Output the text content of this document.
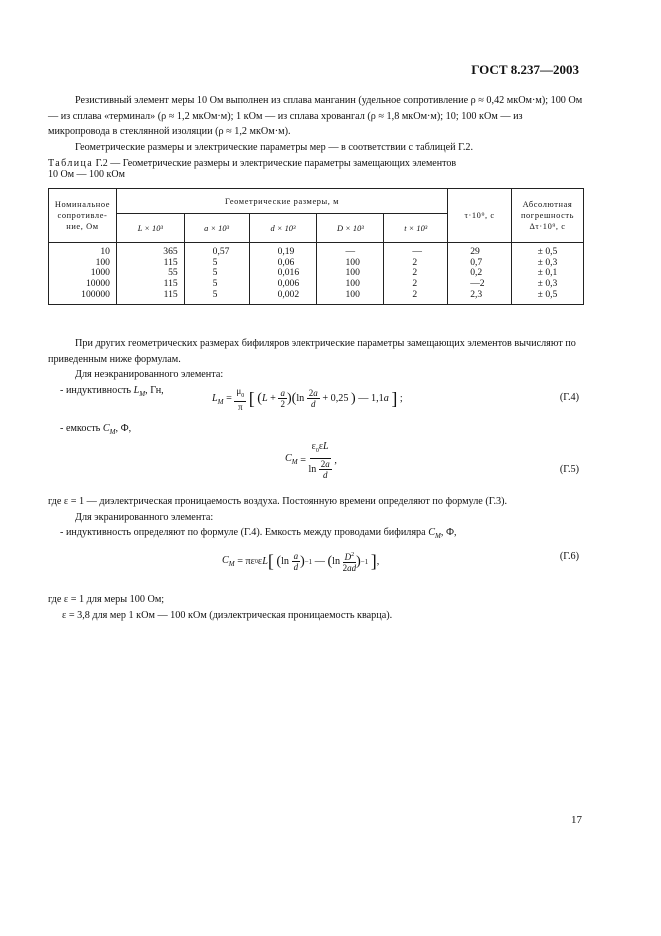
ГОСТ 8.237—2003

Резистивный элемент меры 10 Ом выполнен из сплава манганин (удельное сопротивление ρ ≈ 0,42 мкОм·м); 100 Ом — из сплава «терминал» (ρ ≈ 1,2 мкОм·м); 1 кОм — из сплава хровангал (ρ ≈ 1,8 мкОм·м); 10; 100 кОм — из микропровода в стеклянной изоляции (ρ ≈ 1,2 мкОм·м).

Геометрические размеры и электрические параметры мер — в соответствии с таблицей Г.2.

Таблица Г.2 — Геометрические размеры и электрические параметры замещающих элементов
10 Ом — 100 кОм
Номинальное сопротивле-ние, Ом	Геометрические размеры, м					τ·10⁹, с	Абсолютная погрешность Δτ·10⁹, с
	L × 10³	a × 10³	d × 10³	D × 10³	t × 10³		
10	365	0,57	0,19	—	—	29	± 0,5
100	115	5	0,06	100	2	0,7	± 0,3
1000	55	5	0,016	100	2	0,2	± 0,1
10000	115	5	0,006	100	2	—2	± 0,3
100000	115	5	0,002	100	2	2,3	± 0,5

При других геометрических размерах бифиляров электрические параметры замещающих элементов вычисляют по приведенным ниже формулам.

Для неэкранированного элемента:

- индуктивность $L_M$, Гн,

$L_M = \frac{\mu_0}{\pi}$ [ $(L + \frac{a}{2} )(\ln \frac{2a}{d} + 0,25$ ) — 1,1a ] ;	(Г.4)

- емкость $C_M$, Ф,

$C_M = \frac{\varepsilon_0\varepsilon L}{\ln \frac{2a}{d}}$ ,
(Г.5)

где ε = 1 — диэлектрическая проницаемость воздуха. Постоянную времени определяют по формуле (Г.3).

Для экранированного элемента:

- индуктивность определяют по формуле (Г.4). Емкость между проводами бифиляра $C_M$, Ф,

$C_M = \pi\varepsilon$ 0 ε L [
( $\ln \frac{a}{d}$ ) −1 — ( $\ln \frac{D^2}{2ad}$ ) −1
] ,	(Г.6)

где ε = 1 для меры 100 Ом;

ε = 3,8 для мер 1 кОм — 100 кОм (диэлектрическая проницаемость кварца).

17
